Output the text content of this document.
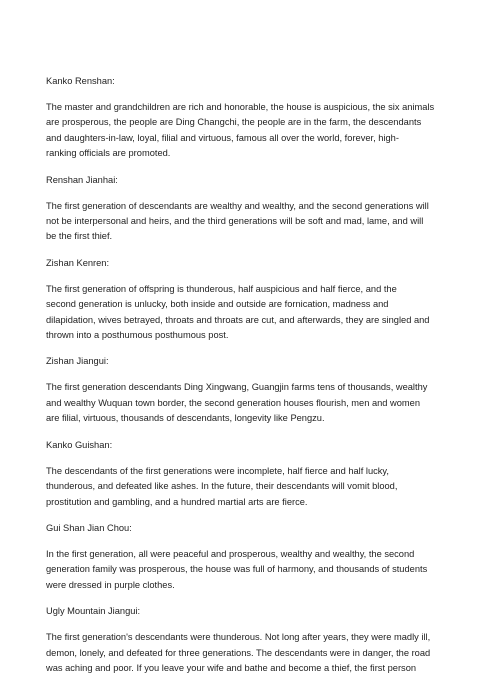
Kanko Renshan:

The master and grandchildren are rich and honorable, the house is auspicious, the six animals
are prosperous, the people are Ding Changchi, the people are in the farm, the descendants
and daughters-in-law, loyal, filial and virtuous, famous all over the world, forever, high-
ranking officials are promoted.

Renshan Jianhai:

The first generation of descendants are wealthy and wealthy, and the second generations will
not be interpersonal and heirs, and the third generations will be soft and mad, lame, and will
be the first thief.

Zishan Kenren:

The first generation of offspring is thunderous, half auspicious and half fierce, and the
second generation is unlucky, both inside and outside are fornication, madness and
dilapidation, wives betrayed, throats and throats are cut, and afterwards, they are singled and
thrown into a posthumous posthumous post.

Zishan Jiangui:

The first generation descendants Ding Xingwang, Guangjin farms tens of thousands, wealthy
and wealthy Wuquan town border, the second generation houses flourish, men and women
are filial, virtuous, thousands of descendants, longevity like Pengzu.

Kanko Guishan:

The descendants of the first generations were incomplete, half fierce and half lucky,
thunderous, and defeated like ashes. In the future, their descendants will vomit blood,
prostitution and gambling, and a hundred martial arts are fierce.

Gui Shan Jian Chou:

In the first generation, all were peaceful and prosperous, wealthy and wealthy, the second
generation family was prosperous, the house was full of harmony, and thousands of students
were dressed in purple clothes.

Ugly Mountain Jiangui:

The first generation's descendants were thunderous. Not long after years, they were madly ill,
demon, lonely, and defeated for three generations. The descendants were in danger, the road
was aching and poor. If you leave your wife and bathe and become a thief, the first person
